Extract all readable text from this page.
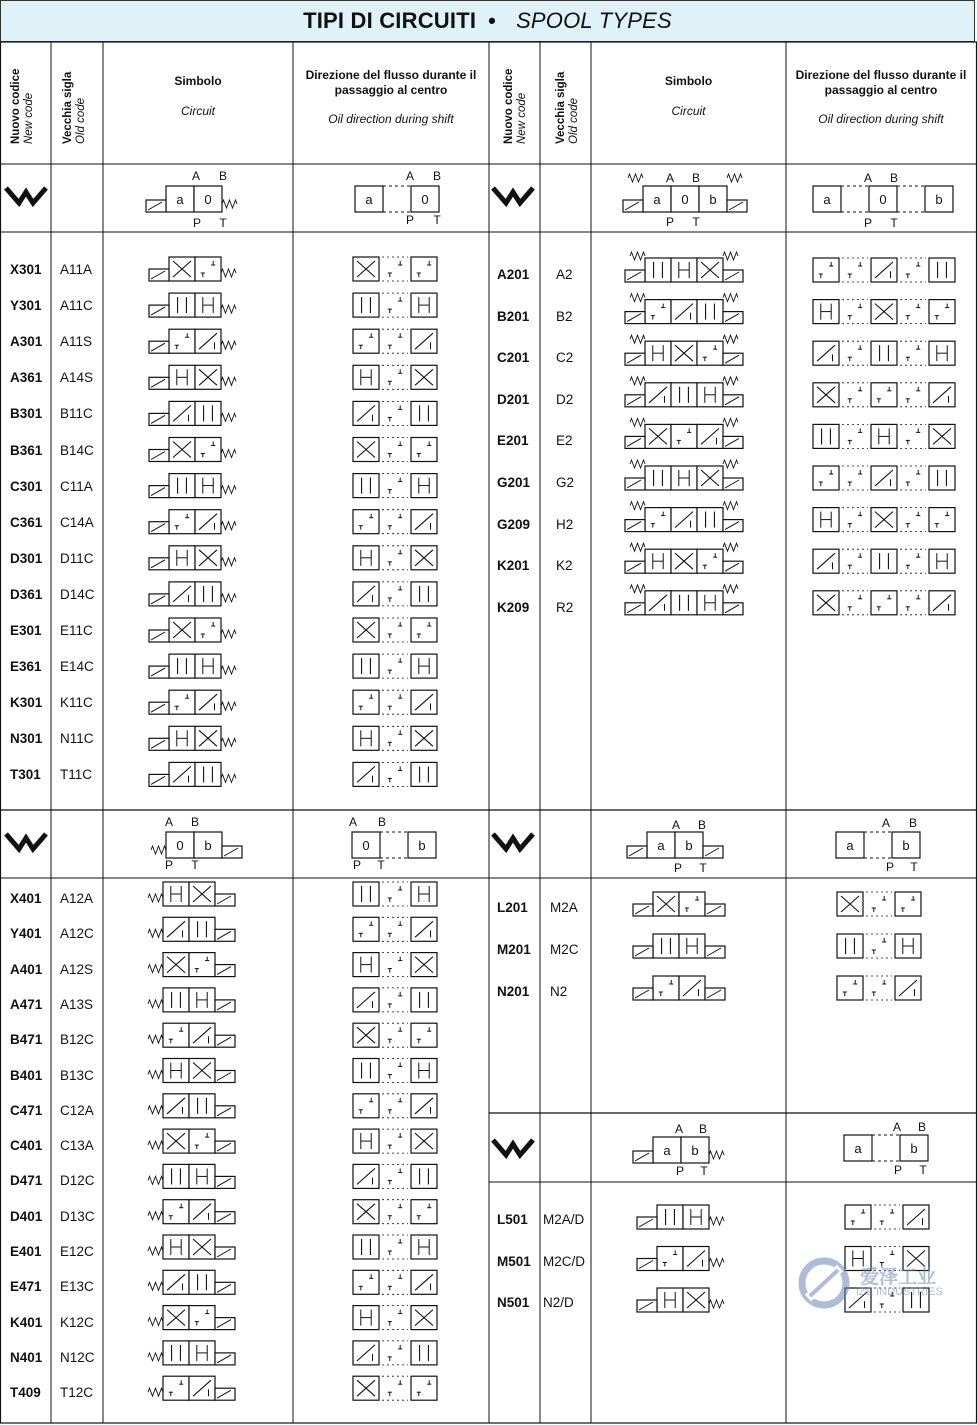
TIPI DI CIRCUITI • SPOOL TYPES
a 0
A B
P T
a	0
A B
P T
a 0 b
A B
P T
a	0	b
A B
P T
0 b
A B
P T
0	b
A B
P T
a b
A B
P T
a	b
A B
P T
a b
A B
P T
a	b
A B
P T
Nuovo codice New code Vecchia sigla Old code
Simbolo
Circuit
Direzione del flusso durante il passaggio al centro
Oil direction during shift	Nuovo codice New code Vecchia sigla Old code
Simbolo
Circuit
Direzione del flusso durante il passaggio al centro
Oil direction during shift
X301 A11A
Y301 A11C
A301 A11S
A361 A14S
B301 B11C
B361 B14C
C301 C11A
C361 C14A
D301 D11C
D361 D14C
E301 E11C
E361 E14C
K301 K11C
N301 N11C
T301 T11C
A201 A2
B201 B2
C201 C2
D201 D2
E201 E2
G201 G2
G209 H2
K201 K2
K209 R2
X401 A12A
Y401 A12C
A401 A12S
A471 A13S
B471 B12C
B401 B13C
C471 C12A
C401 C13A
D471 D12C
D401 D13C
E401 E12C
E471 E13C
K401 K12C
N401 N12C
T409 T12C
L201 M2A
M201 M2C
N201 N2
L501 M2A/D
M501 M2C/D
N501 N2/D
爱泽工业
IZE INDUSTRIES
